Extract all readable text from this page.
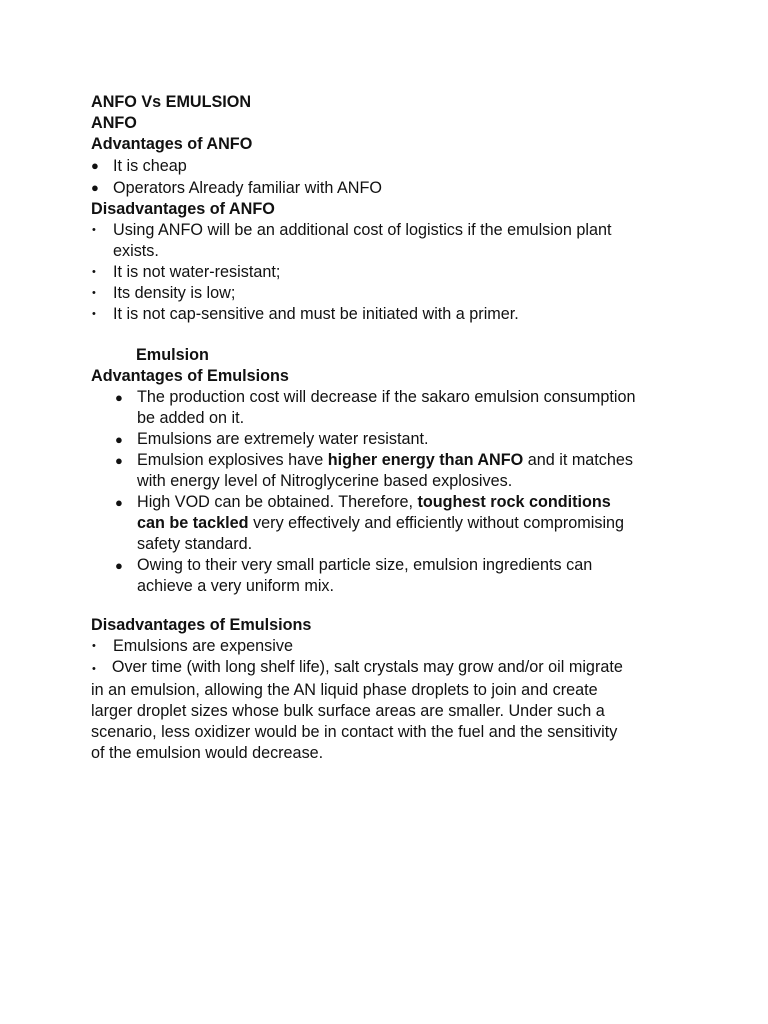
ANFO Vs EMULSION
ANFO
Advantages of ANFO
● It is cheap
● Operators Already familiar with ANFO
Disadvantages of ANFO
• Using ANFO will be an additional cost of logistics if the emulsion plant
exists.
• It is not water-resistant;
• Its density is low;
• It is not cap-sensitive and must be initiated with a primer.
Emulsion
Advantages of Emulsions
● The production cost will decrease if the sakaro emulsion consumption
be added on it.
● Emulsions are extremely water resistant.
● Emulsion explosives have higher energy than ANFO and it matches
with energy level of Nitroglycerine based explosives.
● High VOD can be obtained. Therefore, toughest rock conditions
can be tackled very effectively and efficiently without compromising
safety standard.
● Owing to their very small particle size, emulsion ingredients can
achieve a very uniform mix.
Disadvantages of Emulsions
• Emulsions are expensive
• Over time (with long shelf life), salt crystals may grow and/or oil migrate
in an emulsion, allowing the AN liquid phase droplets to join and create
larger droplet sizes whose bulk surface areas are smaller. Under such a
scenario, less oxidizer would be in contact with the fuel and the sensitivity
of the emulsion would decrease.
